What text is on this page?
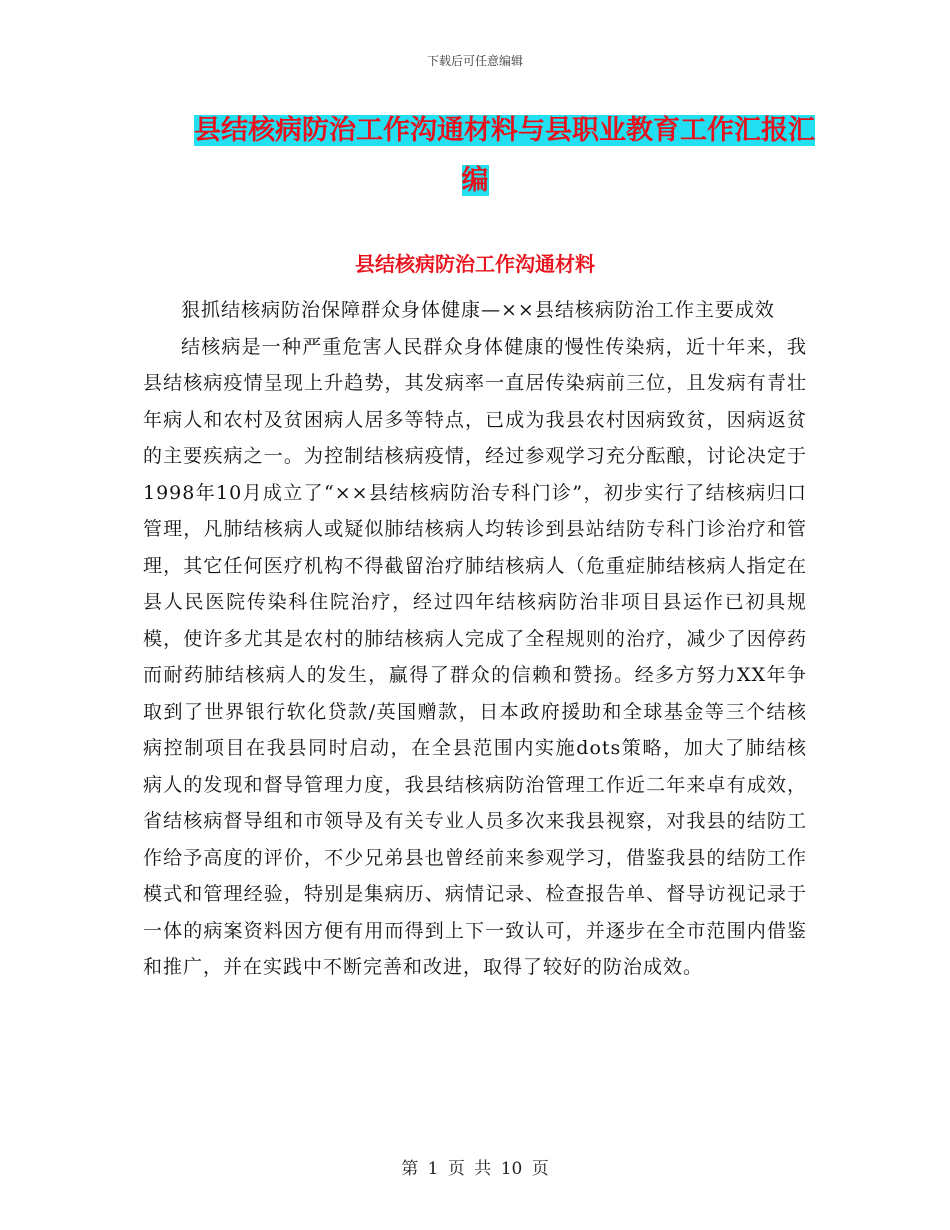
下载后可任意编辑
县结核病防治工作沟通材料与县职业教育工作汇报汇
编
县结核病防治工作沟通材料

狠抓结核病防治保障群众身体健康—××县结核病防治工作主要成效

结核病是一种严重危害人民群众身体健康的慢性传染病，近十年来，我县结核病疫情呈现上升趋势，其发病率一直居传染病前三位，且发病有青壮年病人和农村及贫困病人居多等特点，已成为我县农村因病致贫，因病返贫的主要疾病之一。为控制结核病疫情，经过参观学习充分酝酿，讨论决定于1998年10月成立了“××县结核病防治专科门诊”，初步实行了结核病归口管理，凡肺结核病人或疑似肺结核病人均转诊到县站结防专科门诊治疗和管理，其它任何医疗机构不得截留治疗肺结核病人（危重症肺结核病人指定在县人民医院传染科住院治疗，经过四年结核病防治非项目县运作已初具规模，使许多尤其是农村的肺结核病人完成了全程规则的治疗，减少了因停药而耐药肺结核病人的发生，赢得了群众的信赖和赞扬。经多方努力XX年争取到了世界银行软化贷款/英国赠款，日本政府援助和全球基金等三个结核病控制项目在我县同时启动，在全县范围内实施dots策略，加大了肺结核病人的发现和督导管理力度，我县结核病防治管理工作近二年来卓有成效，省结核病督导组和市领导及有关专业人员多次来我县视察，对我县的结防工作给予高度的评价，不少兄弟县也曾经前来参观学习，借鉴我县的结防工作模式和管理经验，特别是集病历、病情记录、检查报告单、督导访视记录于一体的病案资料因方便有用而得到上下一致认可，并逐步在全市范围内借鉴和推广，并在实践中不断完善和改进，取得了较好的防治成效。

第 1 页 共 10 页
